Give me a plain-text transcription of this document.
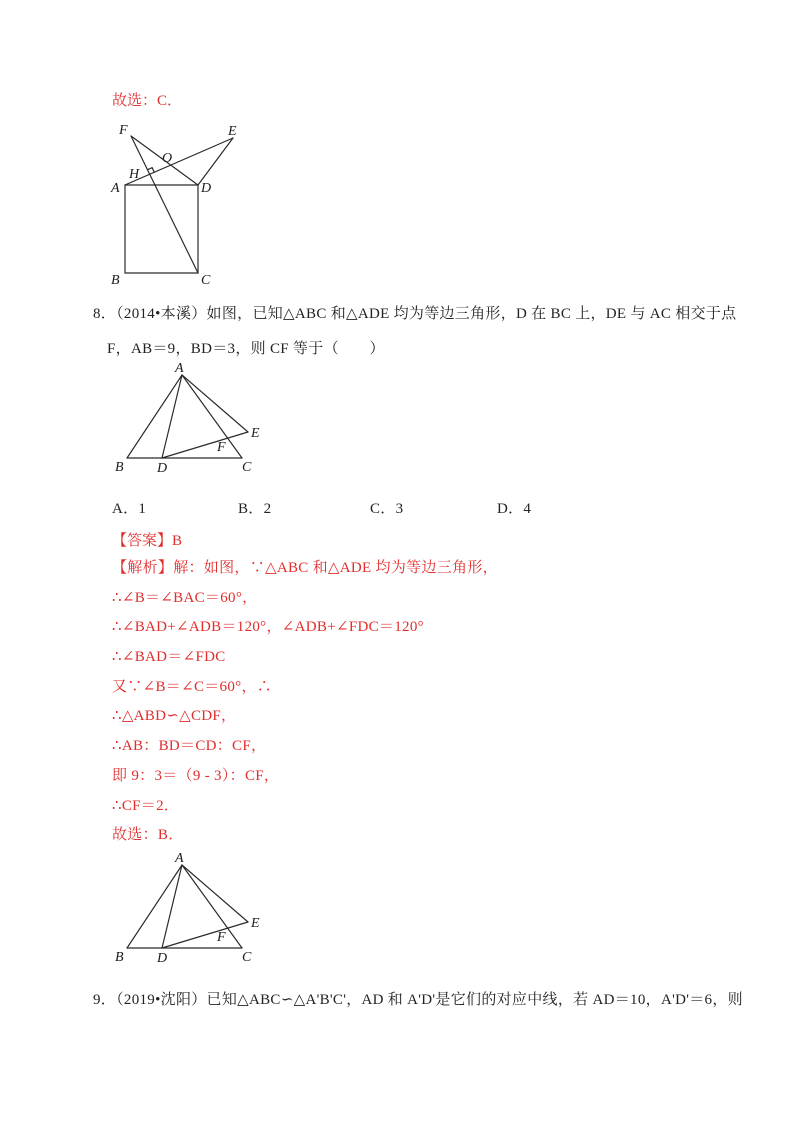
故选：C．
F	E
O
H
A	D
B	C
8．（2014•本溪）如图，已知△ABC 和△ADE 均为等边三角形，D 在 BC 上，DE 与 AC 相交于点
F，AB＝9，BD＝3，则 CF 等于（　　）
A
B D	C
E
F
A．1	B．2	C．3	D．4
【答案】B
【解析】解：如图，∵△ABC 和△ADE 均为等边三角形，
∴∠B＝∠BAC＝60°，
∴∠BAD+∠ADB＝120°，∠ADB+∠FDC＝120°
∴∠BAD＝∠FDC
又∵∠B＝∠C＝60°，∴
∴△ABD∽△CDF，
∴AB：BD＝CD：CF，
即 9：3＝（9 - 3）：CF，
∴CF＝2．
故选：B．
A
B D	C
E
F
9．（2019•沈阳）已知△ABC∽△A'B'C'，AD 和 A'D'是它们的对应中线，若 AD＝10，A'D'＝6，则
